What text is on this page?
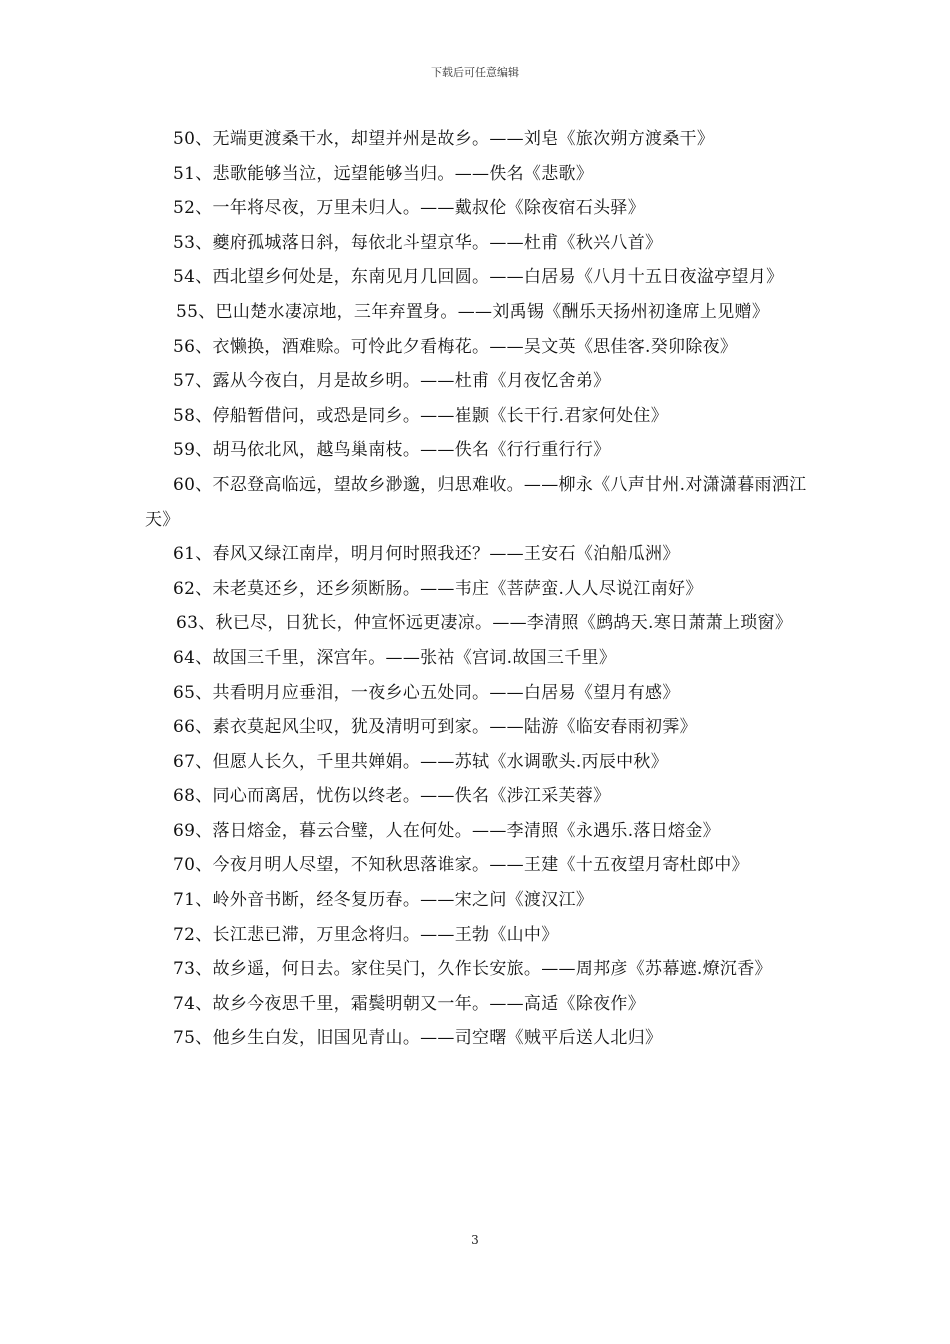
下载后可任意编辑

50、无端更渡桑干水，却望并州是故乡。——刘皂《旅次朔方渡桑干》

51、悲歌能够当泣，远望能够当归。——佚名《悲歌》

52、一年将尽夜，万里未归人。——戴叔伦《除夜宿石头驿》

53、夔府孤城落日斜，每依北斗望京华。——杜甫《秋兴八首》

54、西北望乡何处是，东南见月几回圆。——白居易《八月十五日夜湓亭望月》

55、巴山楚水凄凉地，三年弃置身。——刘禹锡《酬乐天扬州初逢席上见赠》

56、衣懒换，酒难赊。可怜此夕看梅花。——吴文英《思佳客.癸卯除夜》

57、露从今夜白，月是故乡明。——杜甫《月夜忆舍弟》

58、停船暂借问，或恐是同乡。——崔颢《长干行.君家何处住》

59、胡马依北风，越鸟巢南枝。——佚名《行行重行行》

60、不忍登高临远，望故乡渺邈，归思难收。——柳永《八声甘州.对潇潇暮雨洒江天》

61、春风又绿江南岸，明月何时照我还？——王安石《泊船瓜洲》

62、未老莫还乡，还乡须断肠。——韦庄《菩萨蛮.人人尽说江南好》

63、秋已尽，日犹长，仲宣怀远更凄凉。——李清照《鹧鸪天.寒日萧萧上琐窗》

64、故国三千里，深宫年。——张祜《宫词.故国三千里》

65、共看明月应垂泪，一夜乡心五处同。——白居易《望月有感》

66、素衣莫起风尘叹，犹及清明可到家。——陆游《临安春雨初霁》

67、但愿人长久，千里共婵娟。——苏轼《水调歌头.丙辰中秋》

68、同心而离居，忧伤以终老。——佚名《涉江采芙蓉》

69、落日熔金，暮云合璧，人在何处。——李清照《永遇乐.落日熔金》

70、今夜月明人尽望，不知秋思落谁家。——王建《十五夜望月寄杜郎中》

71、岭外音书断，经冬复历春。——宋之问《渡汉江》

72、长江悲已滞，万里念将归。——王勃《山中》

73、故乡遥，何日去。家住吴门，久作长安旅。——周邦彦《苏幕遮.燎沉香》

74、故乡今夜思千里，霜鬓明朝又一年。——高适《除夜作》

75、他乡生白发，旧国见青山。——司空曙《贼平后送人北归》

3
